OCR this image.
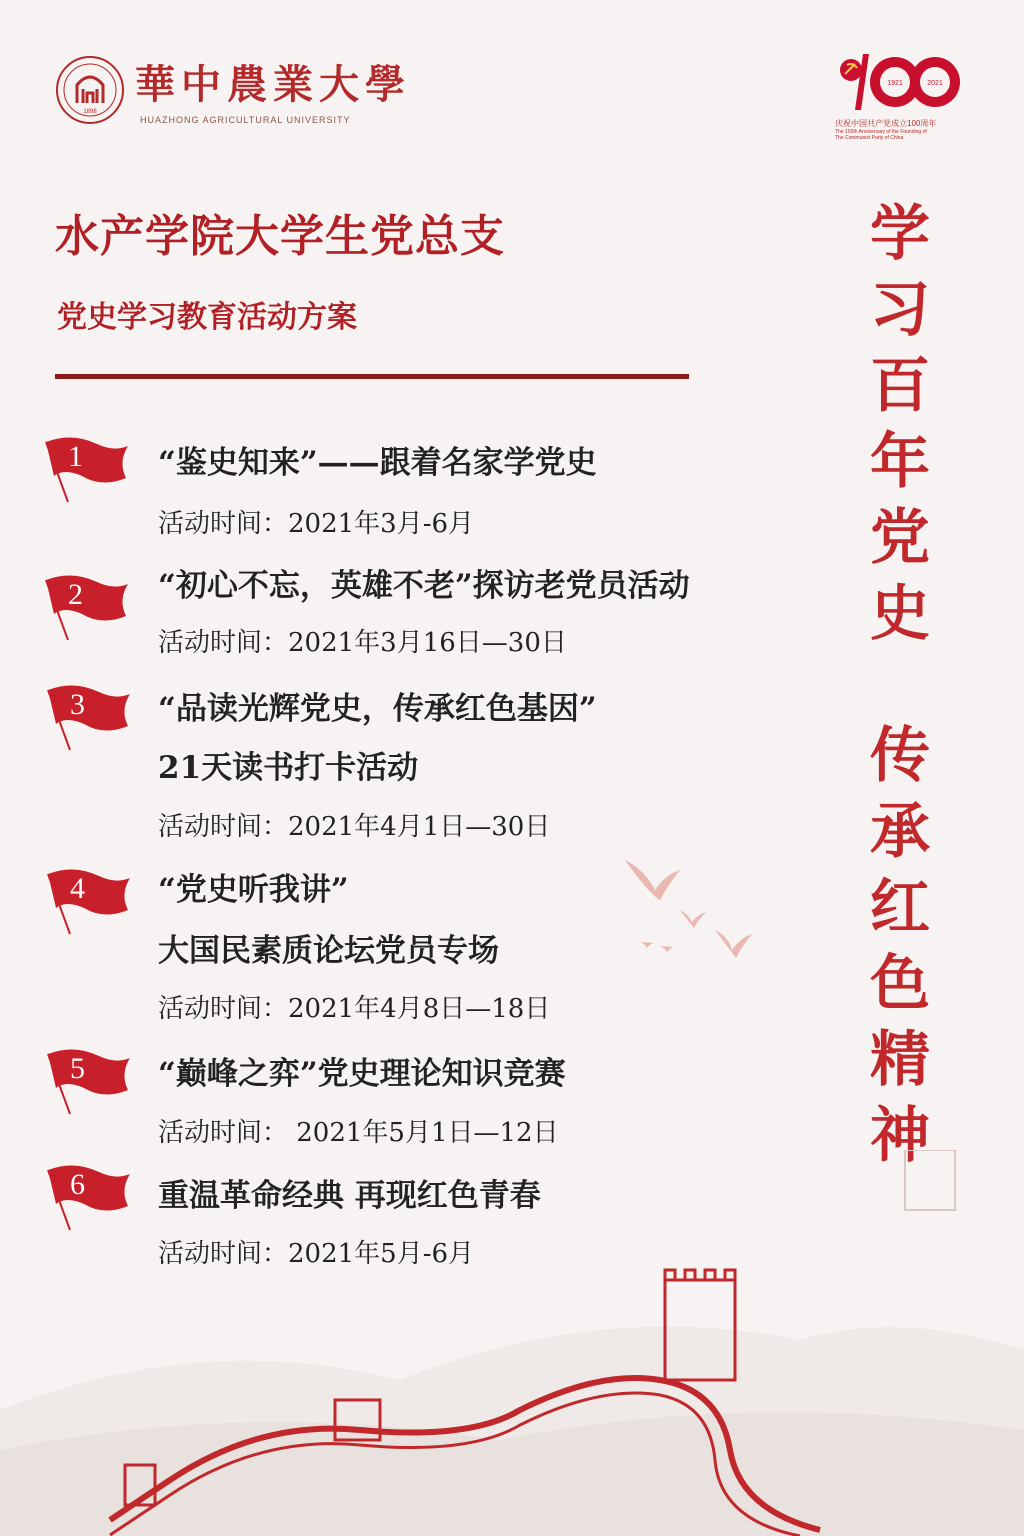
1898
華中農業大學
HUAZHONG AGRICULTURAL UNIVERSITY
1921	2021
庆祝中国共产党成立100周年
The 100th Anniversary of the Founding of
The Communist Party of China
水产学院大学生党总支
党史学习教育活动方案
1 “鉴史知来”——跟着名家学党史
活动时间：2021年3月-6月
2 “初心不忘，英雄不老”探访老党员活动
活动时间：2021年3月16日—30日
3 “品读光辉党史，传承红色基因”
21天读书打卡活动
活动时间：2021年4月1日—30日
4 “党史听我讲”
大国民素质论坛党员专场
活动时间：2021年4月8日—18日
5 “巅峰之弈”党史理论知识竞赛
活动时间： 2021年5月1日—12日
6 重温革命经典 再现红色青春
活动时间：2021年5月-6月
学
习
百
年
党
史
传
承
红
色
精
神
